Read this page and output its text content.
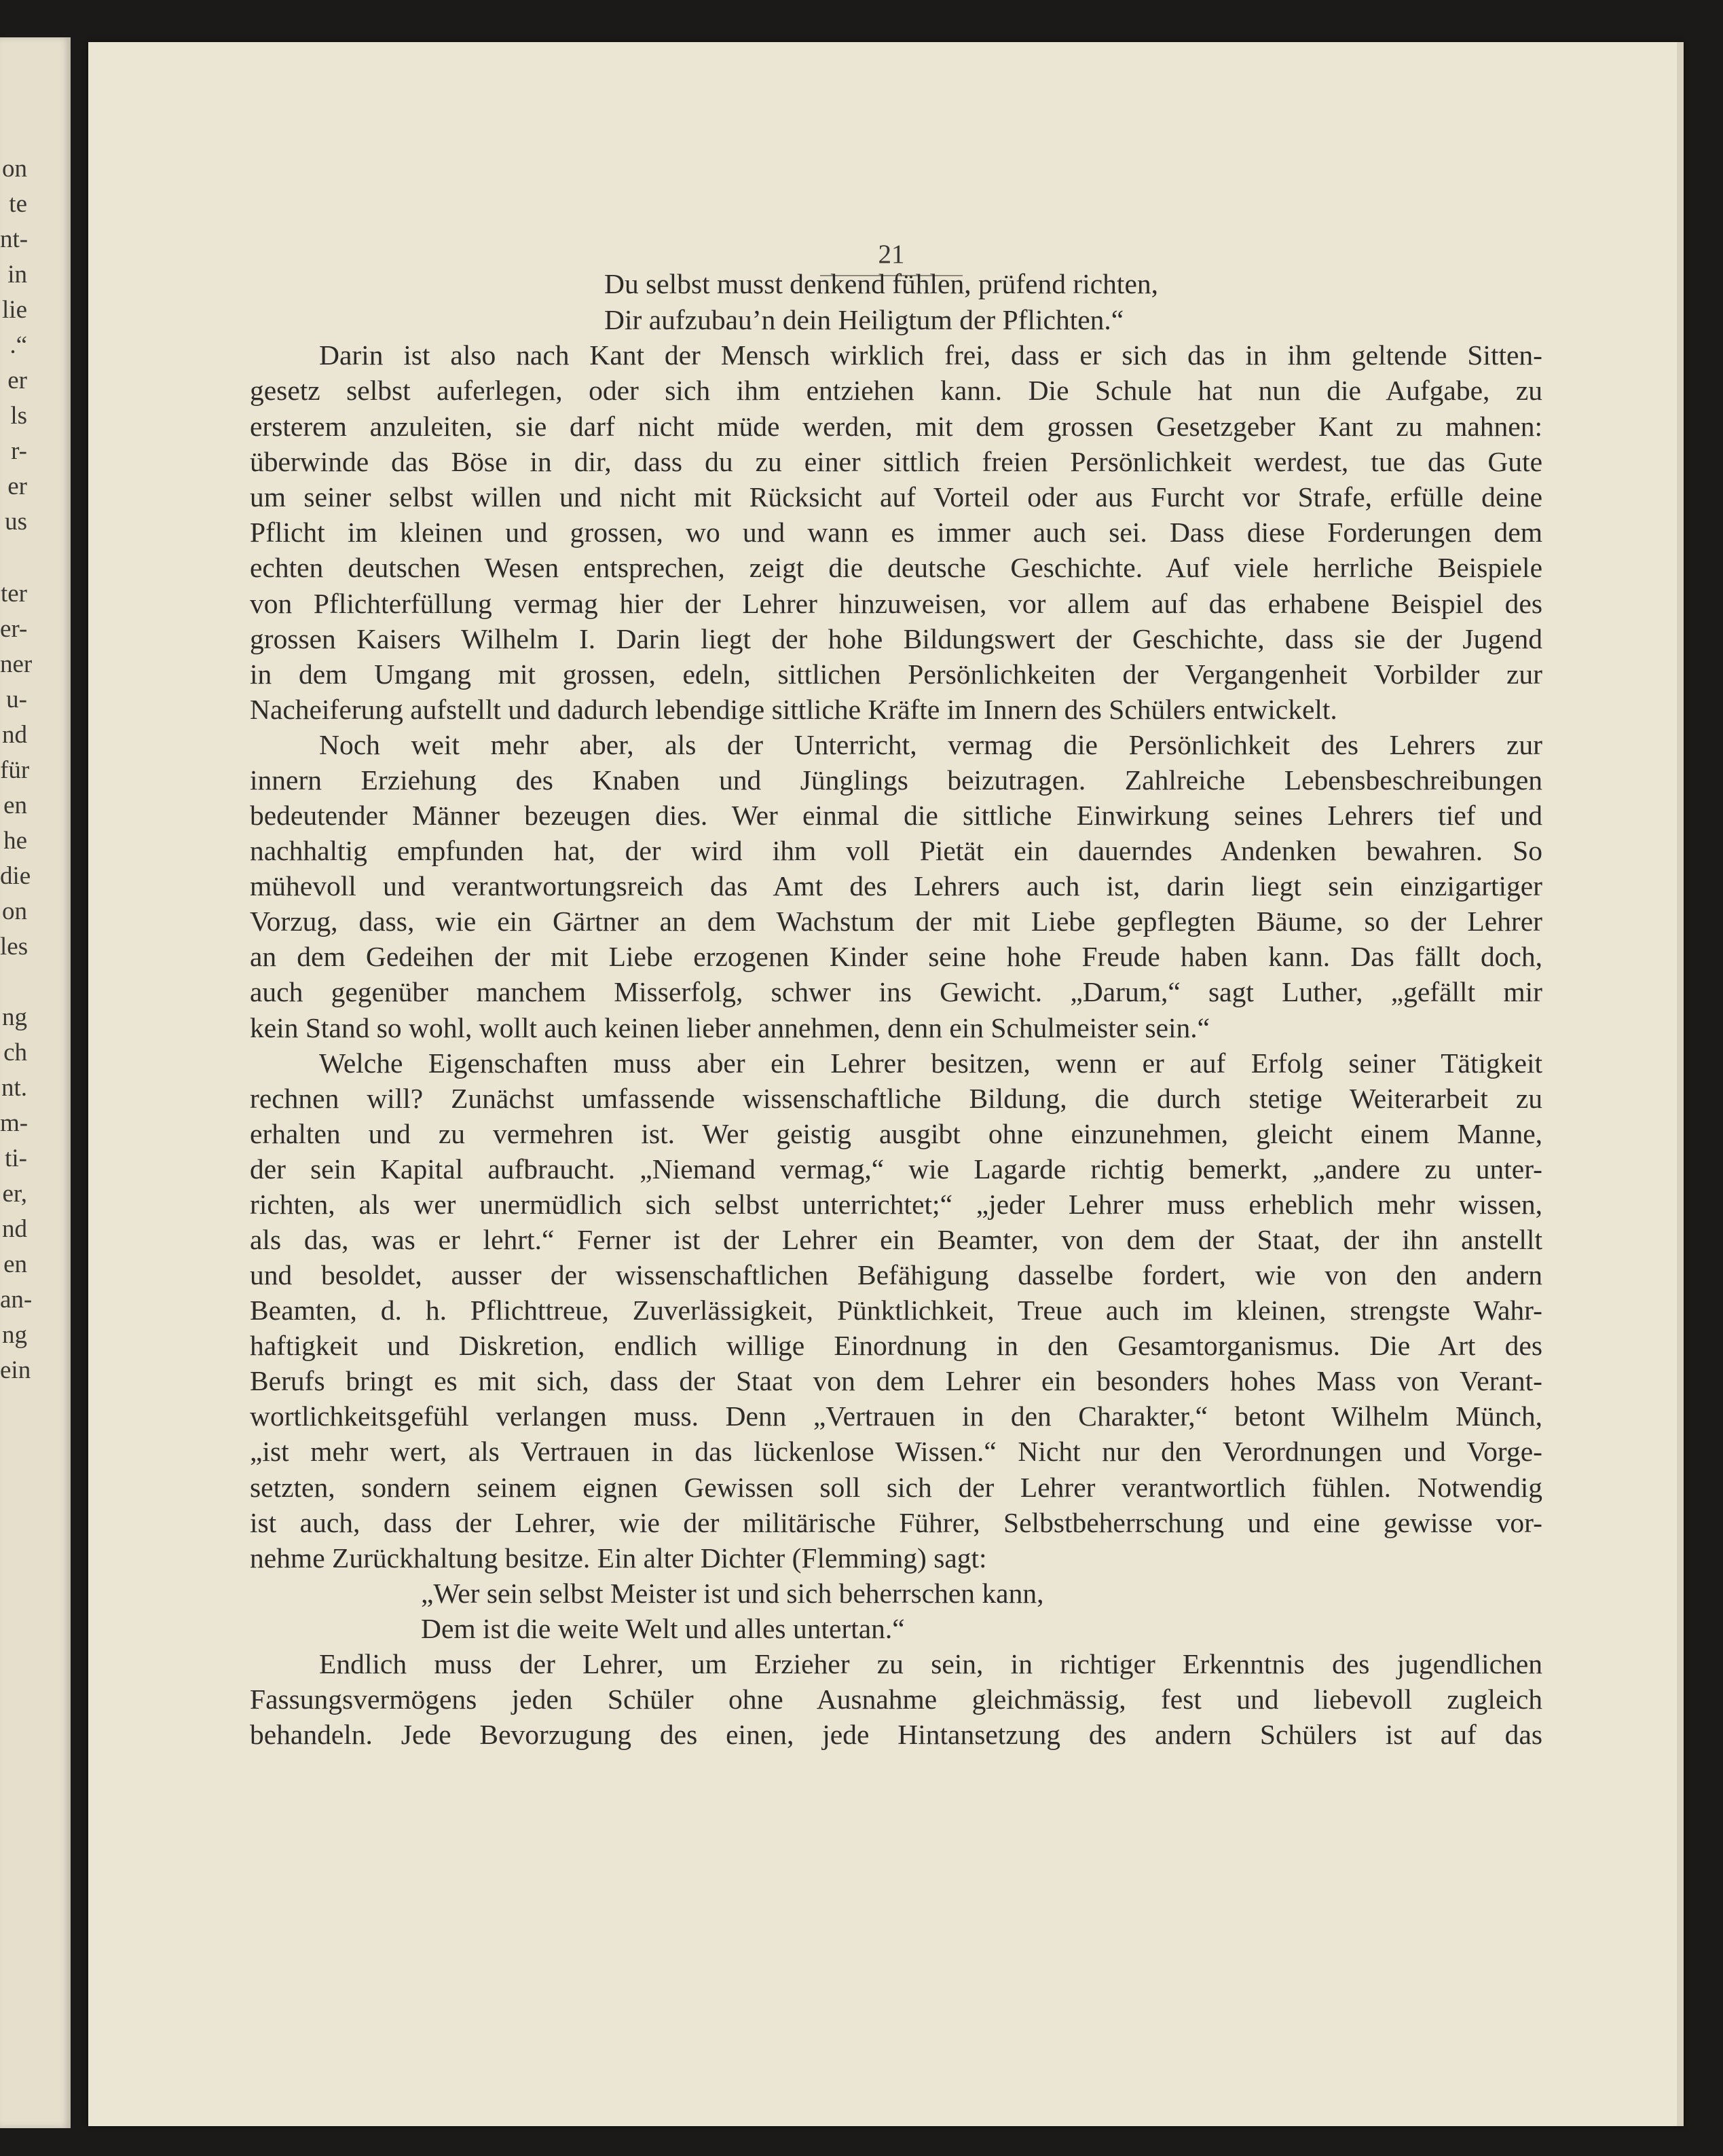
on
te
nt-
in
lie
.“
er
ls
r-
er
us
ter
er-
ner
u-
nd
für
en
he
die
on
les
ng
ch
nt.
m-
ti-
er,
nd
en
an-
ng
ein
21
Du selbst musst denkend fühlen, prüfend richten,
Dir aufzubau’n dein Heiligtum der Pflichten.“
Darin ist also nach Kant der Mensch wirklich frei, dass er sich das in ihm geltende Sitten-
gesetz selbst auferlegen, oder sich ihm entziehen kann. Die Schule hat nun die Aufgabe, zu
ersterem anzuleiten, sie darf nicht müde werden, mit dem grossen Gesetzgeber Kant zu mahnen:
überwinde das Böse in dir, dass du zu einer sittlich freien Persönlichkeit werdest, tue das Gute
um seiner selbst willen und nicht mit Rücksicht auf Vorteil oder aus Furcht vor Strafe, erfülle deine
Pflicht im kleinen und grossen, wo und wann es immer auch sei. Dass diese Forderungen dem
echten deutschen Wesen entsprechen, zeigt die deutsche Geschichte. Auf viele herrliche Beispiele
von Pflichterfüllung vermag hier der Lehrer hinzuweisen, vor allem auf das erhabene Beispiel des
grossen Kaisers Wilhelm I. Darin liegt der hohe Bildungswert der Geschichte, dass sie der Jugend
in dem Umgang mit grossen, edeln, sittlichen Persönlichkeiten der Vergangenheit Vorbilder zur
Nacheiferung aufstellt und dadurch lebendige sittliche Kräfte im Innern des Schülers entwickelt.
Noch weit mehr aber, als der Unterricht, vermag die Persönlichkeit des Lehrers zur
innern Erziehung des Knaben und Jünglings beizutragen. Zahlreiche Lebensbeschreibungen
bedeutender Männer bezeugen dies. Wer einmal die sittliche Einwirkung seines Lehrers tief und
nachhaltig empfunden hat, der wird ihm voll Pietät ein dauerndes Andenken bewahren. So
mühevoll und verantwortungsreich das Amt des Lehrers auch ist, darin liegt sein einzigartiger
Vorzug, dass, wie ein Gärtner an dem Wachstum der mit Liebe gepflegten Bäume, so der Lehrer
an dem Gedeihen der mit Liebe erzogenen Kinder seine hohe Freude haben kann. Das fällt doch,
auch gegenüber manchem Misserfolg, schwer ins Gewicht. „Darum,“ sagt Luther, „gefällt mir
kein Stand so wohl, wollt auch keinen lieber annehmen, denn ein Schulmeister sein.“
Welche Eigenschaften muss aber ein Lehrer besitzen, wenn er auf Erfolg seiner Tätigkeit
rechnen will? Zunächst umfassende wissenschaftliche Bildung, die durch stetige Weiterarbeit zu
erhalten und zu vermehren ist. Wer geistig ausgibt ohne einzunehmen, gleicht einem Manne,
der sein Kapital aufbraucht. „Niemand vermag,“ wie Lagarde richtig bemerkt, „andere zu unter-
richten, als wer unermüdlich sich selbst unterrichtet;“ „jeder Lehrer muss erheblich mehr wissen,
als das, was er lehrt.“ Ferner ist der Lehrer ein Beamter, von dem der Staat, der ihn anstellt
und besoldet, ausser der wissenschaftlichen Befähigung dasselbe fordert, wie von den andern
Beamten, d. h. Pflichttreue, Zuverlässigkeit, Pünktlichkeit, Treue auch im kleinen, strengste Wahr-
haftigkeit und Diskretion, endlich willige Einordnung in den Gesamtorganismus. Die Art des
Berufs bringt es mit sich, dass der Staat von dem Lehrer ein besonders hohes Mass von Verant-
wortlichkeitsgefühl verlangen muss. Denn „Vertrauen in den Charakter,“ betont Wilhelm Münch,
„ist mehr wert, als Vertrauen in das lückenlose Wissen.“ Nicht nur den Verordnungen und Vorge-
setzten, sondern seinem eignen Gewissen soll sich der Lehrer verantwortlich fühlen. Notwendig
ist auch, dass der Lehrer, wie der militärische Führer, Selbstbeherrschung und eine gewisse vor-
nehme Zurückhaltung besitze. Ein alter Dichter (Flemming) sagt:
„Wer sein selbst Meister ist und sich beherrschen kann,
Dem ist die weite Welt und alles untertan.“
Endlich muss der Lehrer, um Erzieher zu sein, in richtiger Erkenntnis des jugendlichen
Fassungsvermögens jeden Schüler ohne Ausnahme gleichmässig, fest und liebevoll zugleich
behandeln. Jede Bevorzugung des einen, jede Hintansetzung des andern Schülers ist auf das
